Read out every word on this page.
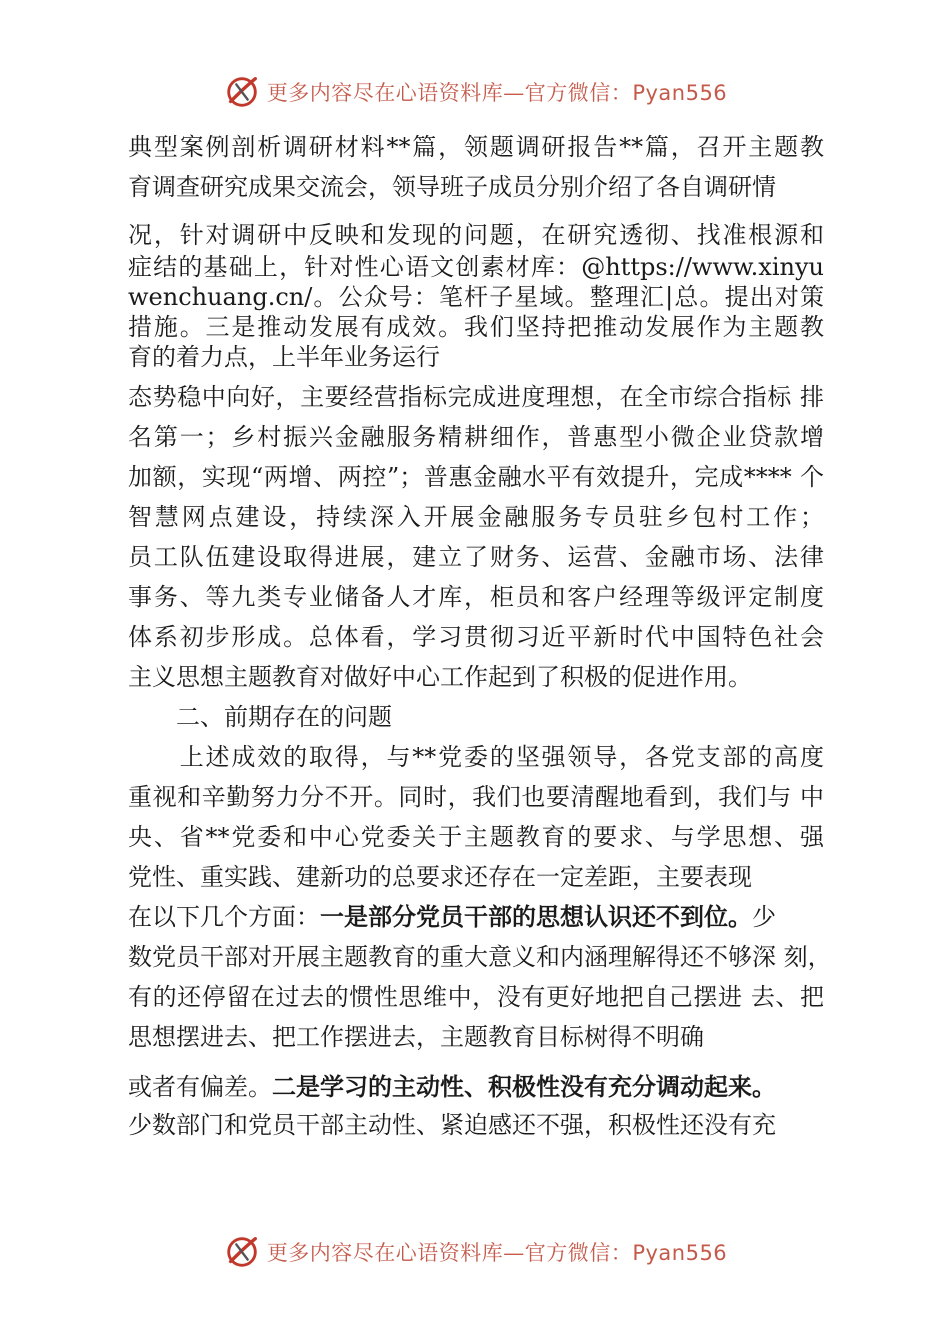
更多内容尽在心语资料库—官方微信：Pyan556
典型案例剖析调研材料**篇，领题调研报告**篇，召开主题教
育调查研究成果交流会，领导班子成员分别介绍了各自调研情
况，针对调研中反映和发现的问题，在研究透彻、找准根源和
症结的基础上，针对性心语文创素材库：@https://www.xinyu
wenchuang.cn/。公众号：笔杆子星域。整理汇|总。提出对策
措施。三是推动发展有成效。我们坚持把推动发展作为主题教
育的着力点，上半年业务运行
态势稳中向好，主要经营指标完成进度理想，在全市综合指标 排
名第一；乡村振兴金融服务精耕细作，普惠型小微企业贷款增
加额，实现“两增、两控”；普惠金融水平有效提升，完成**** 个
智慧网点建设，持续深入开展金融服务专员驻乡包村工作；
员工队伍建设取得进展，建立了财务、运营、金融市场、法律
事务、等九类专业储备人才库，柜员和客户经理等级评定制度
体系初步形成。总体看，学习贯彻习近平新时代中国特色社会
主义思想主题教育对做好中心工作起到了积极的促进作用。
　　二、前期存在的问题
　　上述成效的取得，与**党委的坚强领导，各党支部的高度
重视和辛勤努力分不开。同时，我们也要清醒地看到，我们与 中
央、省**党委和中心党委关于主题教育的要求、与学思想、强
党性、重实践、建新功的总要求还存在一定差距，主要表现
在以下几个方面：一是部分党员干部的思想认识还不到位。少
数党员干部对开展主题教育的重大意义和内涵理解得还不够深 刻，
有的还停留在过去的惯性思维中，没有更好地把自己摆进 去、把
思想摆进去、把工作摆进去，主题教育目标树得不明确
或者有偏差。二是学习的主动性、积极性没有充分调动起来。
少数部门和党员干部主动性、紧迫感还不强，积极性还没有充
更多内容尽在心语资料库—官方微信：Pyan556
